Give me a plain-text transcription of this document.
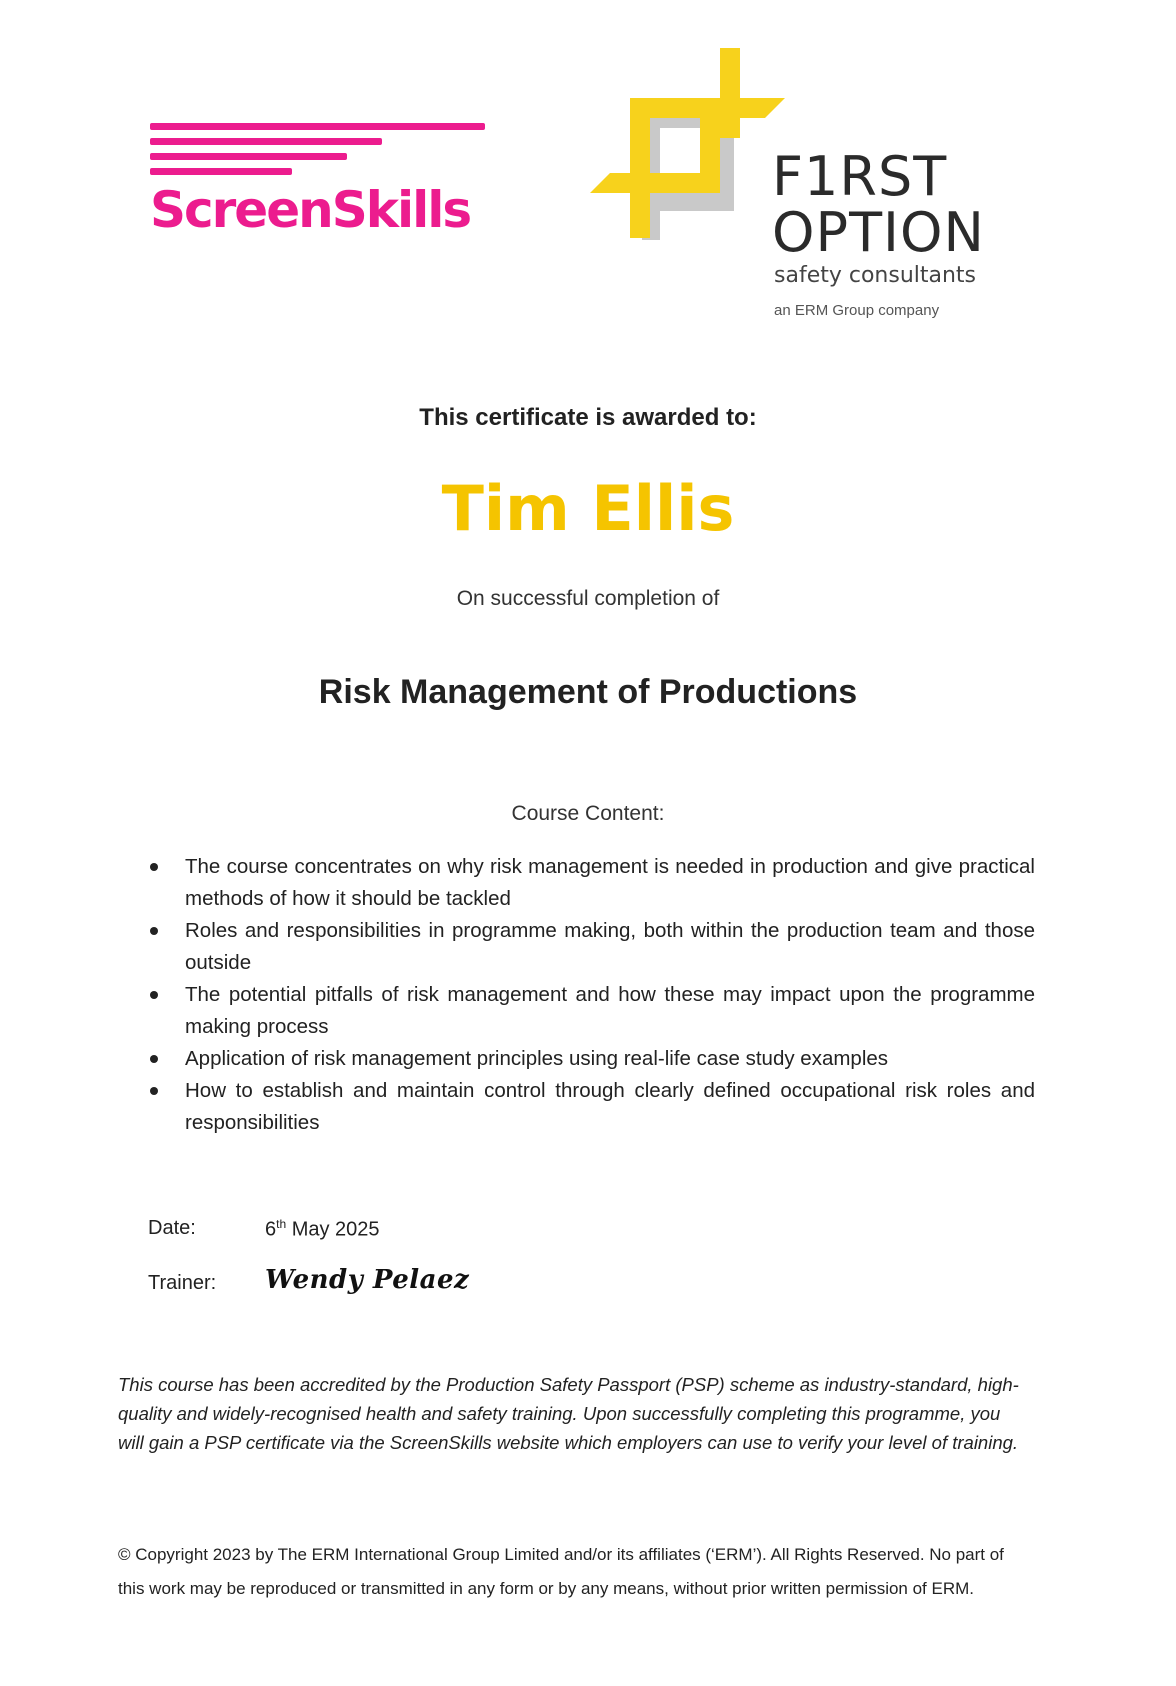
ScreenSkills
F1RST
OPTION
safety consultants
an ERM Group company
This certificate is awarded to:
Tim Ellis
On successful completion of
Risk Management of Productions
Course Content:
The course concentrates on why risk management is needed in production and give practical methods of how it should be tackled
Roles and responsibilities in programme making, both within the production team and those outside
The potential pitfalls of risk management and how these may impact upon the programme making process
Application of risk management principles using real-life case study examples
How to establish and maintain control through clearly defined occupational risk roles and responsibilities
Date:	6th May 2025
Trainer: Wendy Pelaez
This course has been accredited by the Production Safety Passport (PSP) scheme as industry-standard, high-quality and widely-recognised health and safety training. Upon successfully completing this programme, you will gain a PSP certificate via the ScreenSkills website which employers can use to verify your level of training.
© Copyright 2023 by The ERM International Group Limited and/or its affiliates (‘ERM’). All Rights Reserved. No part of this work may be reproduced or transmitted in any form or by any means, without prior written permission of ERM.
